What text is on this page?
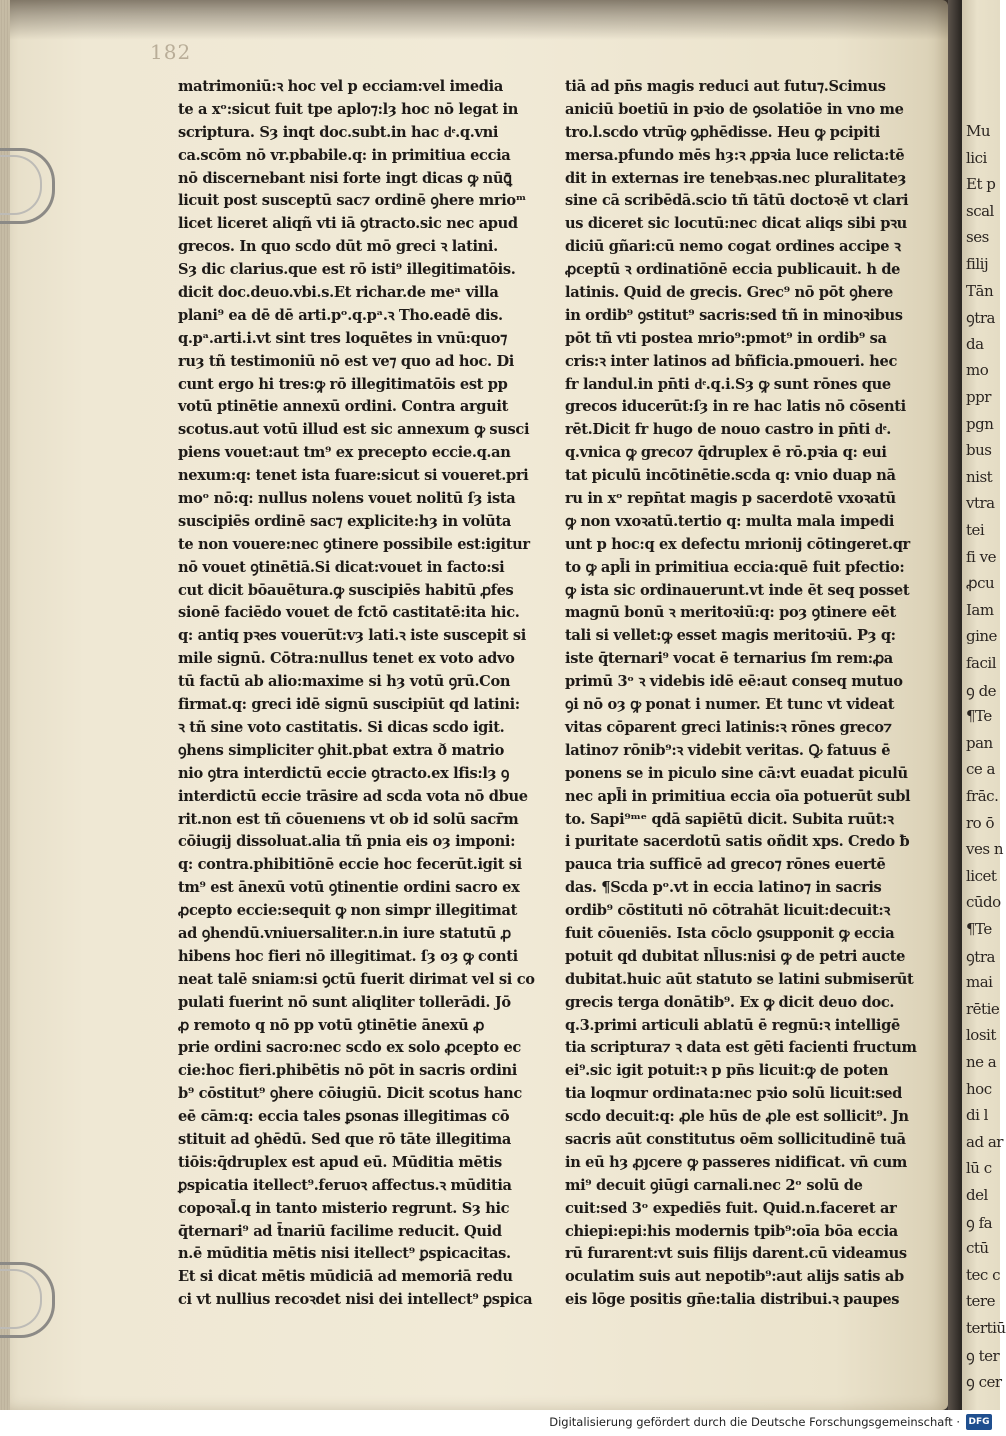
182
matrimoniū:ꝛ hoc vel p ecciam:vel imedia
te a xᵒ:sicut fuit tpe aplo⁊:lȝ hoc nō legat in
scriptura. Sȝ inqt doc.subt.in hac dͤ.q.vni
ca.scōm nō vr.pbabile.q: in primitiua eccia
nō discernebant nisi forte ingt dicas ꝙ nūꝗ̄
licuit post susceptū sac⁊ ordinē ꝯhere mrioᵐ
licet liceret aliqñ vti iā ꝯtracto.sic nec apud
grecos. In quo scdo dūt mō greci ꝛ latini.
Sȝ dic clarius.que est rō isti⁹ illegitimatōis.
dicit doc.deuo.vbi.s.Et richar.de meᵃ villa
plani⁹ ea dē dē arti.pᵒ.q.pᵃ.ꝛ Tho.eadē dis.
q.pᵃ.arti.i.vt sint tres loquētes in vnū:quo⁊
ruȝ tñ testimoniū nō est ve⁊ quo ad hoc. Di
cunt ergo hi tres:ꝙ rō illegitimatōis est pp
votū ptinētie annexū ordini. Contra arguit
scotus.aut votū illud est sic annexum ꝙ susci
piens vouet:aut tm⁹ ex precepto eccie.q.an
nexum:q: tenet ista fuare:sicut si voueret.pri
moᵒ nō:q: nullus nolens vouet nolitū ſȝ ista
suscipiēs ordinē sac⁊ explicite:hȝ in volūta
te non vouere:nec ꝯtinere possibile est:igitur
nō vouet ꝯtinētiā.Si dicat:vouet in facto:si
cut dicit bōauētura.ꝙ suscipiēs habitū ꝓfes
sionē faciēdo vouet de fctō castitatē:ita hic.
q: antiq pꝛes vouerūt:vȝ lati.ꝛ iste suscepit si
mile signū. Cōtra:nullus tenet ex voto advo
tū factū ab alio:maxime si hȝ votū ꝯrū.Con
firmat.q: greci idē signū suscipiūt qd latini:
ꝛ tñ sine voto castitatis. Si dicas scdo igit.
ꝯhens simpliciter ꝯhit.pbat extra ð matrio
nio ꝯtra interdictū eccie ꝯtracto.ex lfis:lȝ ꝯ
interdictū eccie trāsire ad scda vota nō dbue
rit.non est tñ cōuenıens vt ob id solū sacr̄m
cōiugij dissoluat.alia tñ pnia eis oȝ imponi:
q: contra.phibitiōnē eccie hoc fecerūt.igit si
tm⁹ est ānexū votū ꝯtinentie ordini sacro ex
ꝓcepto eccie:sequit ꝙ non simpr illegitimat
ad ꝯhendū.vniuersaliter.n.in iure statutū ꝓ
hibens hoc fieri nō illegitimat. ſȝ oȝ ꝙ conti
neat talē sniam:si ꝯctū fuerit dirimat vel si co
pulati fuerint nō sunt aliqliter tollerādi. Jō
ꝓ remoto q nō pp votū ꝯtinētie ānexū ꝓ
prie ordini sacro:nec scdo ex solo ꝓcepto ec
cie:hoc fieri.phibētis nō pōt in sacris ordini
b⁹ cōstitut⁹ ꝯhere cōiugiū. Dicit scotus hanc
eē cām:q: eccia tales ꝑsonas illegitimas cō
stituit ad ꝯhēdū. Sed que rō tāte illegitima
tiōis:q̄druplex est apud eū. Mūditia mētis
ꝑspicatia itellect⁹.feruoꝛ affectus.ꝛ mūditia
copoꝛal̄.q in tanto misterio regrunt. Sȝ hic
q̄ternari⁹ ad t̄nariū facilime reducit. Quid
n.ē mūditia mētis nisi itellect⁹ ꝑspicacitas.
Et si dicat mētis mūdiciā ad memoriā redu
ci vt nullius recoꝛdet nisi dei intellect⁹ ꝑspica
tiā ad pn̄s magis reduci aut futu⁊.Scimus
aniciū boetiū in pꝛio de ꝯsolatiōe in vno me
tro.l.scdo vtrūꝙ ꝯꝓhēdisse. Heu ꝙ pcipiti
mersa.pfundo mēs hȝ:ꝛ ꝓpꝛia luce relicta:tē
dit in externas ire tenebꝛas.nec pluralitateȝ
sine cā scribēdā.scio tñ tātū doctoꝛē vt clari
us diceret sic locutū:nec dicat aliqs sibi pꝛu
diciū gñari:cū nemo cogat ordines accipe ꝛ
ꝓceptū ꝛ ordinatiōnē eccia publicauit. h de
latinis. Quid de grecis. Grec⁹ nō pōt ꝯhere
in ordib⁹ ꝯstitut⁹ sacris:sed tñ in minoꝛibus
pōt tñ vti postea mrio⁹:pmot⁹ in ordib⁹ sa
cris:ꝛ inter latinos ad bñficia.pmoueri. hec
fr landul.in pn̄ti dͤ.q.i.Sȝ ꝙ sunt rōnes que
grecos iducerūt:ſȝ in re hac latis nō cōsenti
rēt.Dicit fr hugo de nouo castro in pn̄ti dͤ.
q.vnica ꝙ greco⁊ q̄druplex ē rō.pꝛia q: eui
tat piculū incōtinētie.scda q: vnio duap nā
ru in xᵒ repn̄tat magis p sacerdotē vxoꝛatū
ꝙ non vxoꝛatū.tertio q: multa mala impedi
unt p hoc:q ex defectu mrionij cōtingeret.qr
to ꝙ apl̄i in primitiua eccia:quē fuit pfectio:
ꝙ ista sic ordinauerunt.vt inde ēt seq posset
magnū bonū ꝛ meritoꝛiū:q: poȝ ꝯtinere eēt
tali si vellet:ꝙ esset magis meritoꝛiū. Pȝ q:
iste q̄ternari⁹ vocat ē ternarius ſm rem:ꝓa
primū 3ᵒ ꝛ videbis idē eē:aut conseq mutuo
ꝯi nō oȝ ꝙ ponat i numer. Et tunc vt videat
vitas cōparent greci latinis:ꝛ rōnes greco⁊
latino⁊ rōnib⁹:ꝛ videbit veritas. Ꝙ fatuus ē
ponens se in piculo sine cā:vt euadat piculū
nec apl̄i in primitiua eccia oīa potuerūt subl
to. Sapi⁹ᵐᵉ qdā sapiētū dicit. Subita ruūt:ꝛ
i puritate sacerdotū satis oñdit xps. Credo ƀ
pauca tria sufficē ad greco⁊ rōnes euertē
das. ¶Scda pᵒ.vt in eccia latino⁊ in sacris
ordib⁹ cōstituti nō cōtrahāt licuit:decuit:ꝛ
fuit cōueniēs. Ista cōclo ꝯsupponit ꝙ eccia
potuit qd dubitat nl̄lus:nisi ꝙ de petri aucte
dubitat.huic aūt statuto se latini submiserūt
grecis terga donātib⁹. Ex ꝙ dicit deuo doc.
q.3.primi articuli ablatū ē regnū:ꝛ intelligē
tia scriptura⁊ ꝛ data est gēti facienti fructum
ei⁹.sic igit potuit:ꝛ p pn̄s licuit:ꝙ de poten
tia loqmur ordinata:nec pꝛio solū licuit:sed
scdo decuit:q: ꝓle hūs de ꝓle est sollicit⁹. Jn
sacris aūt constitutus oēm sollicitudinē tuā
in eū hȝ ꝓȷcere ꝙ passeres nidificat. vn̄ cum
mi⁹ decuit ꝯiūgi carnali.nec 2ᵒ solū de
cuit:sed 3ᵒ expediēs fuit. Quid.n.faceret ar
chiepi:epi:his modernis tpib⁹:oīa bōa eccia
rū furarent:vt suis filijs darent.cū videamus
oculatim suis aut nepotib⁹:aut alijs satis ab
eis lōge positis gn̄e:talia distribui.ꝛ paupes
Mu
lici
Et p
scal
ses
filij
Tān
ꝯtra
da
mo
ppr
pgn
bus
nist
vtra
tei
fi ve
ꝓcu
Iam
gine
facil
ꝯ de
¶Te
pan
ce a
frāc.
ro ō
ves n
licet
cūdo
¶Te
ꝯtra
mai
rētie
losit
ne a
hoc
di l
ad ar
lū c
del
ꝯ fa
ctū
tec c
tere
tertiū
ꝯ ter
ꝯ cer
Digitalisierung gefördert durch die Deutsche Forschungsgemeinschaft · DFG
